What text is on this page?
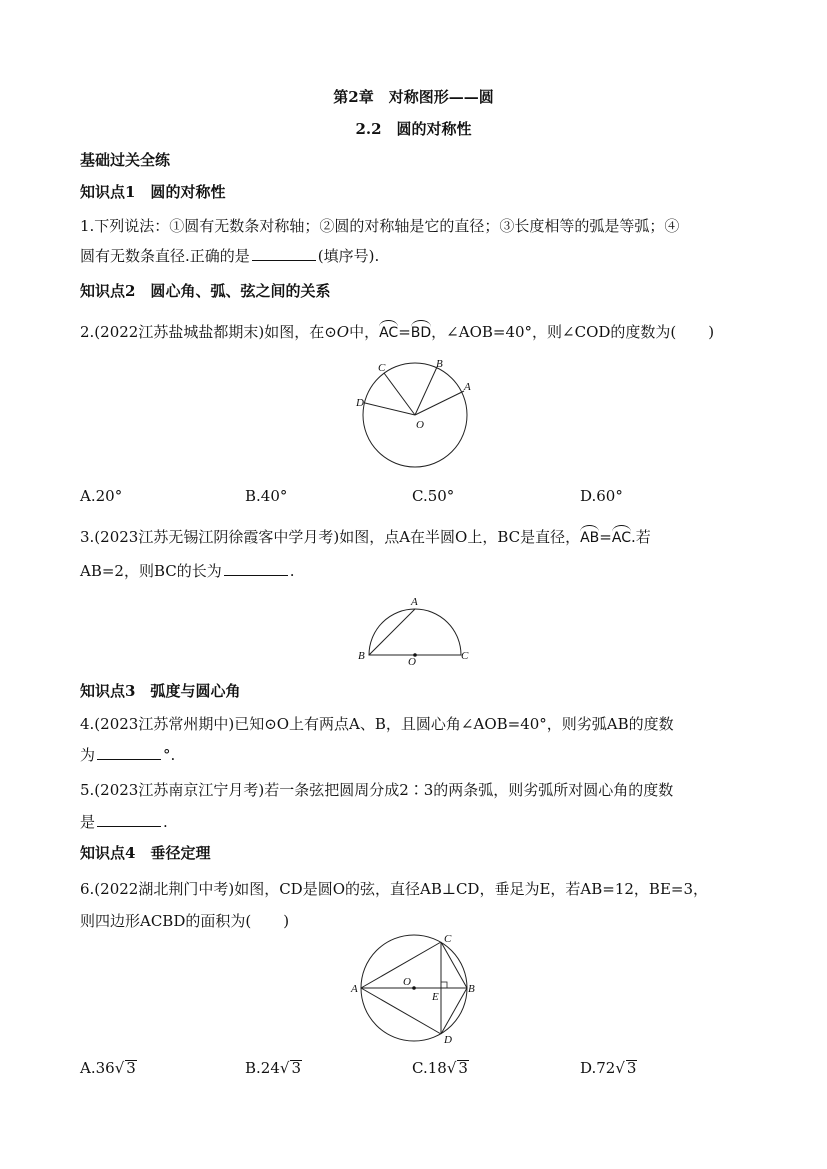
第2章　对称图形——圆
2.2　圆的对称性
基础过关全练
知识点1　圆的对称性
1.下列说法：①圆有无数条对称轴；②圆的对称轴是它的直径；③长度相等的弧是等弧；④
圆有无数条直径.正确的是	(填序号).
知识点2　圆心角、弧、弦之间的关系
2.(2022江苏盐城盐都期末)如图，在⊙O中，AC=BD，∠AOB=40°，则∠COD的度数为( )
C	B
A
D
O
A.20°	B.40°	C.50°	D.60°
3.(2023江苏无锡江阴徐霞客中学月考)如图，点A在半圆O上，BC是直径，AB=AC.若
AB=2，则BC的长为	.
A
B	O	C
知识点3　弧度与圆心角
4.(2023江苏常州期中)已知⊙O上有两点A、B，且圆心角∠AOB=40°，则劣弧AB的度数
为	°.
5.(2023江苏南京江宁月考)若一条弦把圆周分成2∶3的两条弧，则劣弧所对圆心角的度数
是	.
知识点4　垂径定理
6.(2022湖北荆门中考)如图，CD是圆O的弦，直径AB⊥CD，垂足为E，若AB=12，BE=3，
则四边形ACBD的面积为( )
C
A
O
E
B
D
A.36√ 3	B.24√ 3	C.18√ 3	D.72√ 3
